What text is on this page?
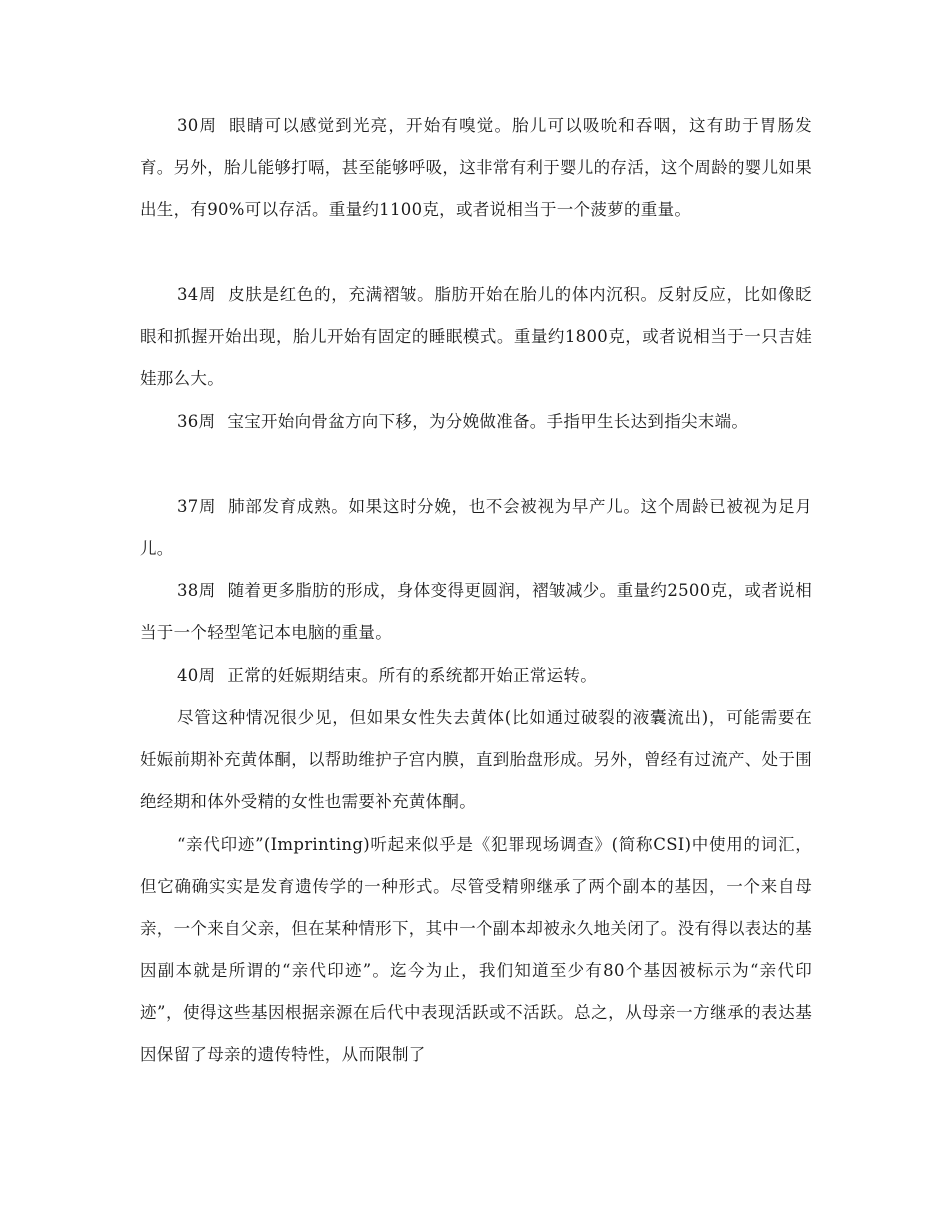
30周 眼睛可以感觉到光亮，开始有嗅觉。胎儿可以吸吮和吞咽，这有助于胃肠发育。另外，胎儿能够打嗝，甚至能够呼吸，这非常有利于婴儿的存活，这个周龄的婴儿如果出生，有90%可以存活。重量约1100克，或者说相当于一个菠萝的重量。

34周 皮肤是红色的，充满褶皱。脂肪开始在胎儿的体内沉积。反射反应，比如像眨眼和抓握开始出现，胎儿开始有固定的睡眠模式。重量约1800克，或者说相当于一只吉娃娃那么大。

36周 宝宝开始向骨盆方向下移，为分娩做准备。手指甲生长达到指尖末端。

37周 肺部发育成熟。如果这时分娩，也不会被视为早产儿。这个周龄已被视为足月儿。

38周 随着更多脂肪的形成，身体变得更圆润，褶皱减少。重量约2500克，或者说相当于一个轻型笔记本电脑的重量。

40周 正常的妊娠期结束。所有的系统都开始正常运转。

尽管这种情况很少见，但如果女性失去黄体(比如通过破裂的液囊流出)，可能需要在妊娠前期补充黄体酮，以帮助维护子宫内膜，直到胎盘形成。另外，曾经有过流产、处于围绝经期和体外受精的女性也需要补充黄体酮。

“亲代印迹”(Imprinting)听起来似乎是《犯罪现场调查》(简称CSI)中使用的词汇，但它确确实实是发育遗传学的一种形式。尽管受精卵继承了两个副本的基因，一个来自母亲，一个来自父亲，但在某种情形下，其中一个副本却被永久地关闭了。没有得以表达的基因副本就是所谓的“亲代印迹”。迄今为止，我们知道至少有80个基因被标示为“亲代印迹”，使得这些基因根据亲源在后代中表现活跃或不活跃。总之，从母亲一方继承的表达基因保留了母亲的遗传特性，从而限制了
